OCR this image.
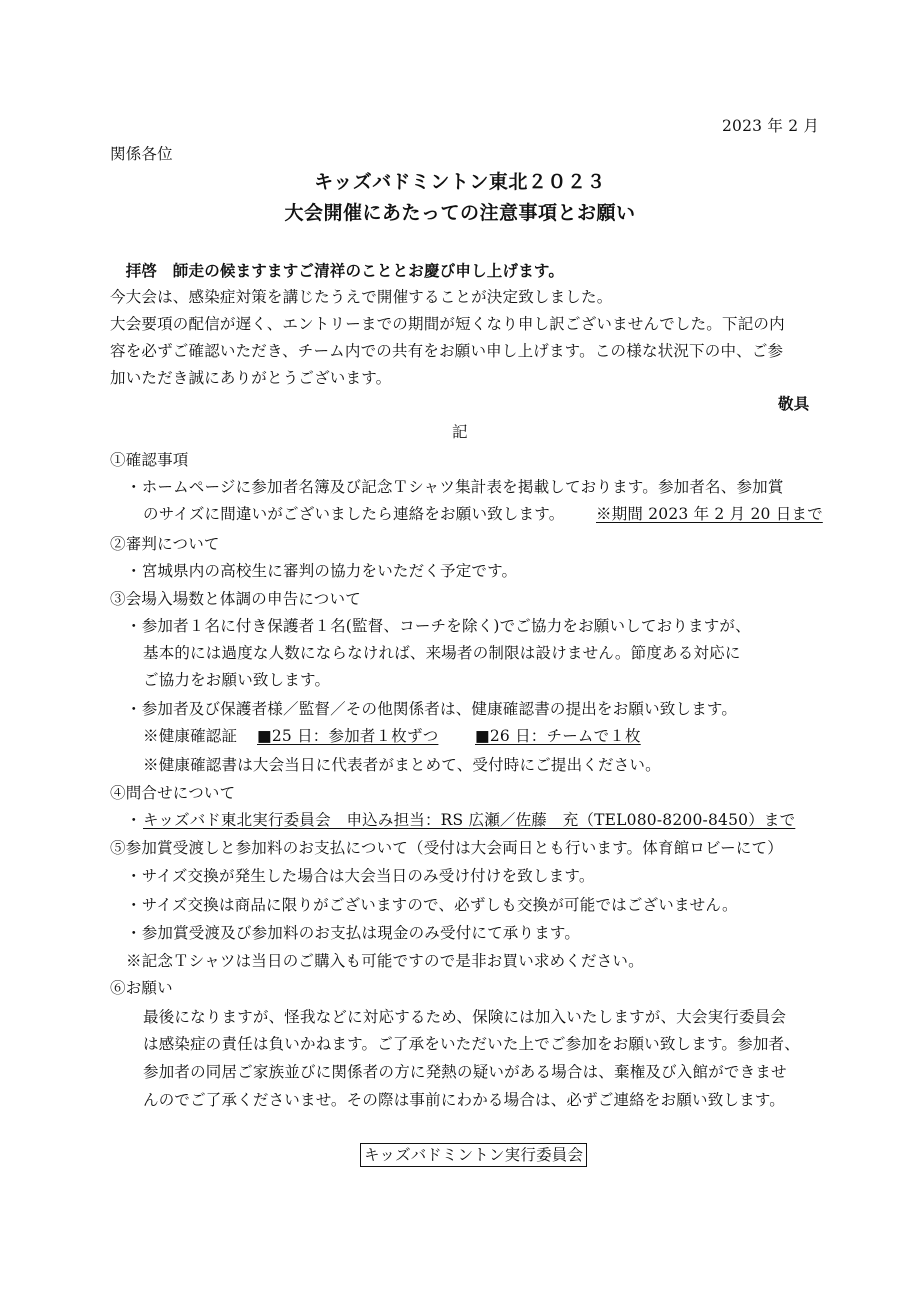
2023 年 2 月
関係各位
キッズバドミントン東北２０２３
大会開催にあたっての注意事項とお願い
　拝啓　師走の候ますますご清祥のこととお慶び申し上げます。
今大会は、感染症対策を講じたうえで開催することが決定致しました。
大会要項の配信が遅く、エントリーまでの期間が短くなり申し訳ございませんでした。下記の内
容を必ずご確認いただき、チーム内での共有をお願い申し上げます。この様な状況下の中、ご参
加いただき誠にありがとうございます。
敬具
記
①確認事項
・ホームページに参加者名簿及び記念Ｔシャツ集計表を掲載しております。参加者名、参加賞
のサイズに間違いがございましたら連絡をお願い致します。 ※期間 2023 年 2 月 20 日まで
②審判について
・宮城県内の高校生に審判の協力をいただく予定です。
③会場入場数と体調の申告について
・参加者１名に付き保護者１名(監督、コーチを除く)でご協力をお願いしておりますが、
基本的には過度な人数にならなければ、来場者の制限は設けません。節度ある対応に
ご協力をお願い致します。
・参加者及び保護者様／監督／その他関係者は、健康確認書の提出をお願い致します。
※健康確認証 ■25 日：参加者１枚ずつ ■26 日：チームで１枚
※健康確認書は大会当日に代表者がまとめて、受付時にご提出ください。
④問合せについて
・ キッズバド東北実行委員会　申込み担当：RS 広瀬／佐藤　充（TEL080-8200-8450）まで
⑤参加賞受渡しと参加料のお支払について（受付は大会両日とも行います。体育館ロビーにて）
・サイズ交換が発生した場合は大会当日のみ受け付けを致します。
・サイズ交換は商品に限りがございますので、必ずしも交換が可能ではございません。
・参加賞受渡及び参加料のお支払は現金のみ受付にて承ります。
※記念Ｔシャツは当日のご購入も可能ですので是非お買い求めください。
⑥お願い
最後になりますが、怪我などに対応するため、保険には加入いたしますが、大会実行委員会
は感染症の責任は負いかねます。ご了承をいただいた上でご参加をお願い致します。参加者、
参加者の同居ご家族並びに関係者の方に発熱の疑いがある場合は、棄権及び入館ができませ
んのでご了承くださいませ。その際は事前にわかる場合は、必ずご連絡をお願い致します。
キッズバドミントン実行委員会
